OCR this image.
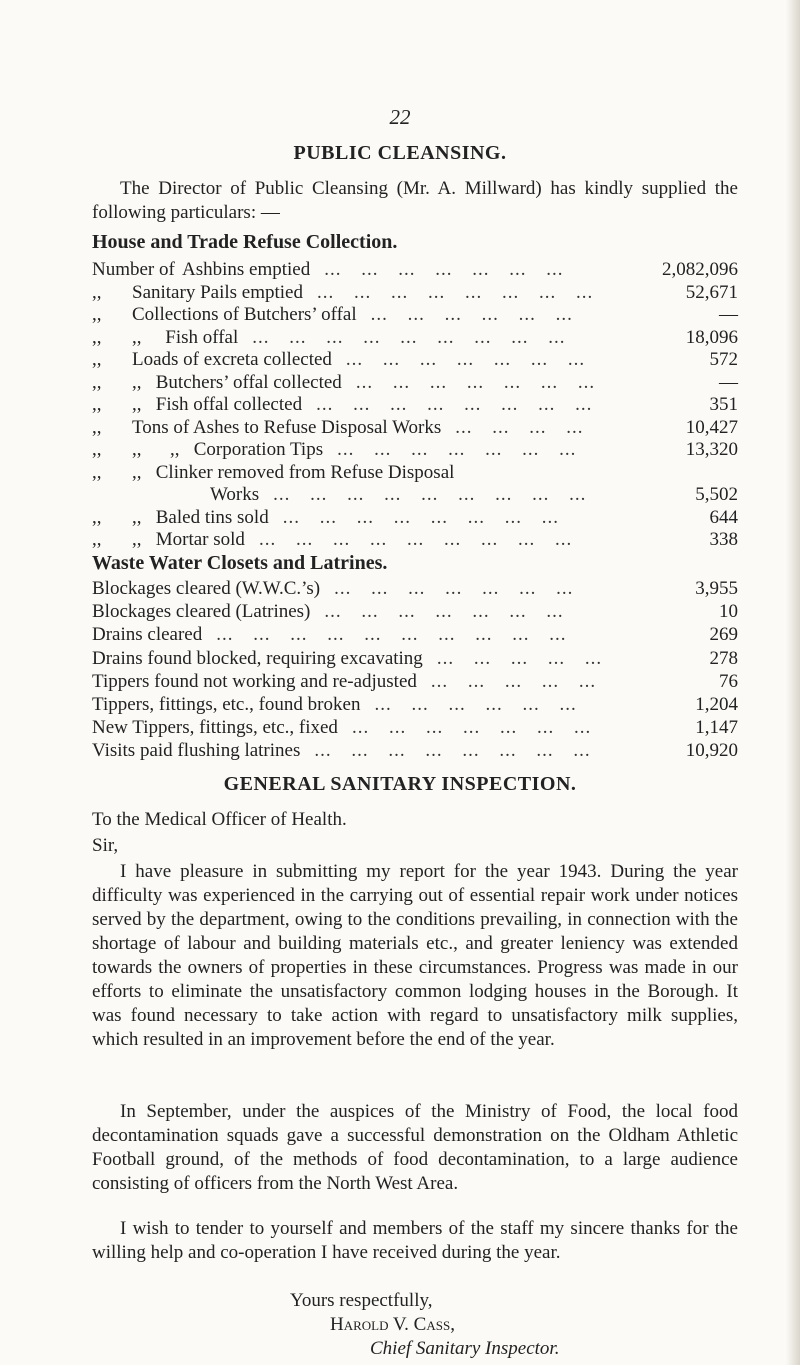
22
PUBLIC CLEANSING.
The Director of Public Cleansing (Mr. A. Millward) has kindly supplied the following particulars: —
House and Trade Refuse Collection.
Number of Ashbins emptied	2,082,096
... ... ... ... ... ... ...
,, Sanitary Pails emptied	52,671
... ... ... ... ... ... ... ...
,, Collections of Butchers’ offal	—
... ... ... ... ... ...
,, ,,     Fish offal	18,096
... ... ... ... ... ... ... ... ...
,, Loads of excreta collected	572
... ... ... ... ... ... ...
,, ,,   Butchers’ offal collected	—
... ... ... ... ... ... ...
,, ,,   Fish offal collected	351
... ... ... ... ... ... ... ...
,, Tons of Ashes to Refuse Disposal Works	10,427
... ... ... ...
,, ,,      ,,   Corporation Tips	13,320
... ... ... ... ... ... ...
,, ,,   Clinker removed from Refuse Disposal
Works	5,502
... ... ... ... ... ... ... ... ...
,, ,,   Baled tins sold	644
... ... ... ... ... ... ... ...
,, ,,   Mortar sold	338
... ... ... ... ... ... ... ... ...
Waste Water Closets and Latrines.
Blockages cleared (W.W.C.’s)	3,955
... ... ... ... ... ... ...
Blockages cleared (Latrines)	10
... ... ... ... ... ... ...
Drains cleared	269
... ... ... ... ... ... ... ... ... ...
Drains found blocked, requiring excavating	278
... ... ... ... ...
Tippers found not working and re-adjusted	76
... ... ... ... ...
Tippers, fittings, etc., found broken	1,204
... ... ... ... ... ...
New Tippers, fittings, etc., fixed	1,147
... ... ... ... ... ... ...
Visits paid flushing latrines	10,920
... ... ... ... ... ... ... ...
GENERAL SANITARY INSPECTION.
To the Medical Officer of Health.
Sir,
I have pleasure in submitting my report for the year 1943. During the year difficulty was experienced in the carrying out of essential repair work under notices served by the department, owing to the conditions prevailing, in connection with the shortage of labour and building materials etc., and greater leniency was extended towards the owners of properties in these circumstances. Progress was made in our efforts to eliminate the unsatisfactory common lodging houses in the Borough. It was found necessary to take action with regard to unsatisfactory milk supplies, which resulted in an improvement before the end of the year.
In September, under the auspices of the Ministry of Food, the local food decontamination squads gave a successful demonstration on the Oldham Athletic Football ground, of the methods of food decontamination, to a large audience consisting of officers from the North West Area.
I wish to tender to yourself and members of the staff my sincere thanks for the willing help and co-operation I have received during the year.
Yours respectfully,
Harold V. Cass,
Chief Sanitary Inspector.
